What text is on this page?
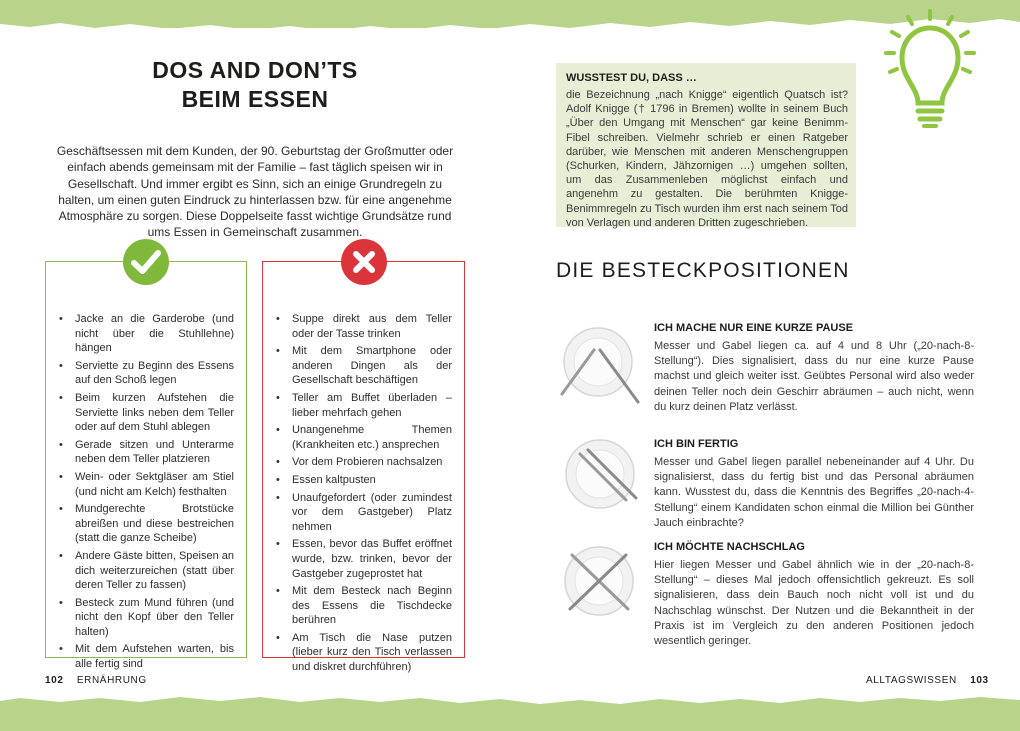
DOS AND DON’TS
BEIM ESSEN
Geschäftsessen mit dem Kunden, der 90. Geburtstag der Großmutter oder einfach abends gemeinsam mit der Familie – fast täglich speisen wir in Gesellschaft. Und immer ergibt es Sinn, sich an einige Grundregeln zu halten, um einen guten Eindruck zu hinterlassen bzw. für eine angenehme Atmosphäre zu sorgen. Diese Doppelseite fasst wichtige Grundsätze rund ums Essen in Gemeinschaft zusammen.
• Jacke an die Garderobe (und nicht über die Stuhllehne) hängen
• Serviette zu Beginn des Essens auf den Schoß legen
• Beim kurzen Aufstehen die Serviette links neben dem Teller oder auf dem Stuhl ablegen
• Gerade sitzen und Unterarme neben dem Teller platzieren
• Wein- oder Sektgläser am Stiel (und nicht am Kelch) festhalten
• Mundgerechte Brotstücke abreißen und diese bestreichen (statt die ganze Scheibe)
• Andere Gäste bitten, Speisen an dich weiterzureichen (statt über deren Teller zu fassen)
• Besteck zum Mund führen (und nicht den Kopf über den Teller halten)
• Mit dem Aufstehen warten, bis alle fertig sind
• Suppe direkt aus dem Teller oder der Tasse trinken
• Mit dem Smartphone oder anderen Dingen als der Gesellschaft beschäftigen
• Teller am Buffet überladen – lieber mehrfach gehen
• Unangenehme Themen (Krankheiten etc.) ansprechen
• Vor dem Probieren nachsalzen
• Essen kaltpusten
• Unaufgefordert (oder zumindest vor dem Gastgeber) Platz nehmen
• Essen, bevor das Buffet eröffnet wurde, bzw. trinken, bevor der Gastgeber zugeprostet hat
• Mit dem Besteck nach Beginn des Essens die Tischdecke berühren
• Am Tisch die Nase putzen (lieber kurz den Tisch verlassen und diskret durchführen)
102 ERNÄHRUNG
WUSSTEST DU, DASS …
die Bezeichnung „nach Knigge“ eigentlich Quatsch ist? Adolf Knigge († 1796 in Bremen) wollte in seinem Buch „Über den Umgang mit Menschen“ gar keine Benimm-Fibel schreiben. Vielmehr schrieb er einen Ratgeber darüber, wie Menschen mit anderen Menschengruppen (Schurken, Kindern, Jähzornigen …) umgehen sollten, um das Zusammenleben möglichst einfach und angenehm zu gestalten. Die berühmten Knigge-Benimmregeln zu Tisch wurden ihm erst nach seinem Tod von Verlagen und anderen Dritten zugeschrieben.
DIE BESTECKPOSITIONEN
ICH MACHE NUR EINE KURZE PAUSE
Messer und Gabel liegen ca. auf 4 und 8 Uhr („20-nach-8-Stellung“). Dies signalisiert, dass du nur eine kurze Pause machst und gleich weiter isst. Geübtes Personal wird also weder deinen Teller noch dein Geschirr abräumen – auch nicht, wenn du kurz deinen Platz verlässt.
ICH BIN FERTIG
Messer und Gabel liegen parallel nebeneinander auf 4 Uhr. Du signalisierst, dass du fertig bist und das Personal abräumen kann. Wusstest du, dass die Kenntnis des Begriffes „20-nach-4-Stellung“ einem Kandidaten schon einmal die Million bei Günther Jauch einbrachte?
ICH MÖCHTE NACHSCHLAG
Hier liegen Messer und Gabel ähnlich wie in der „20-nach-8-Stellung“ – dieses Mal jedoch offensichtlich gekreuzt. Es soll signalisieren, dass dein Bauch noch nicht voll ist und du Nachschlag wünschst. Der Nutzen und die Bekanntheit in der Praxis ist im Vergleich zu den anderen Positionen jedoch wesentlich geringer.
ALLTAGSWISSEN 103
